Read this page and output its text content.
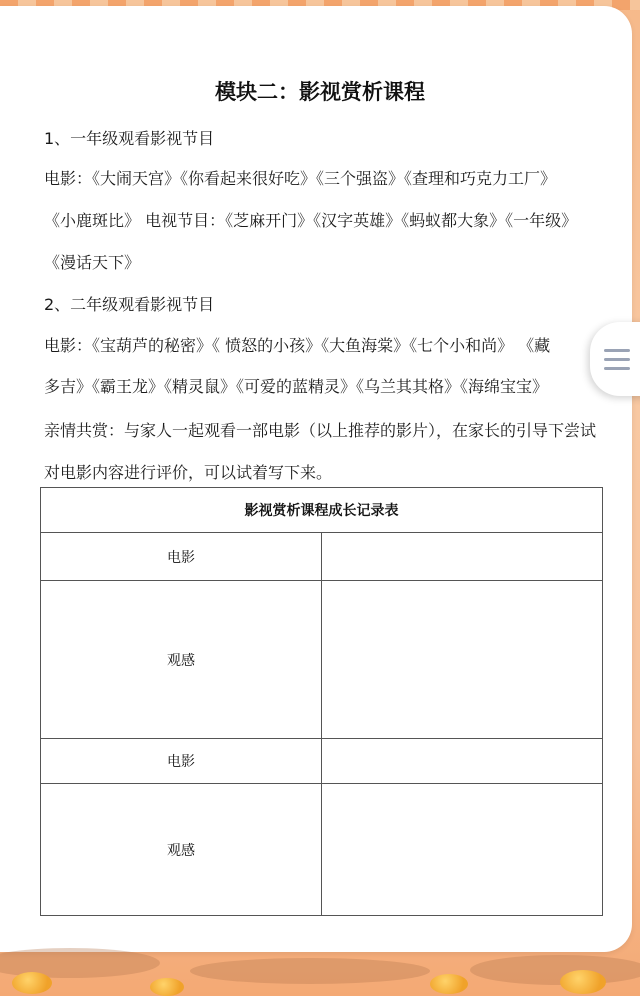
模块二：影视赏析课程
1、一年级观看影视节目
电影：《大闹天宫》《你看起来很好吃》《三个强盗》《查理和巧克力工厂》
《小鹿斑比》 电视节目：《芝麻开门》《汉字英雄》《蚂蚁都大象》《一年级》
《漫话天下》
2、二年级观看影视节目
电影：《宝葫芦的秘密》《 愤怒的小孩》《大鱼海棠》《七个小和尚》 《藏
多吉》《霸王龙》《精灵鼠》《可爱的蓝精灵》《乌兰其其格》《海绵宝宝》
亲情共赏：与家人一起观看一部电影（以上推荐的影片），在家长的引导下尝试
对电影内容进行评价，可以试着写下来。
影视赏析课程成长记录表	
电影	
观感	
电影	
观感	
